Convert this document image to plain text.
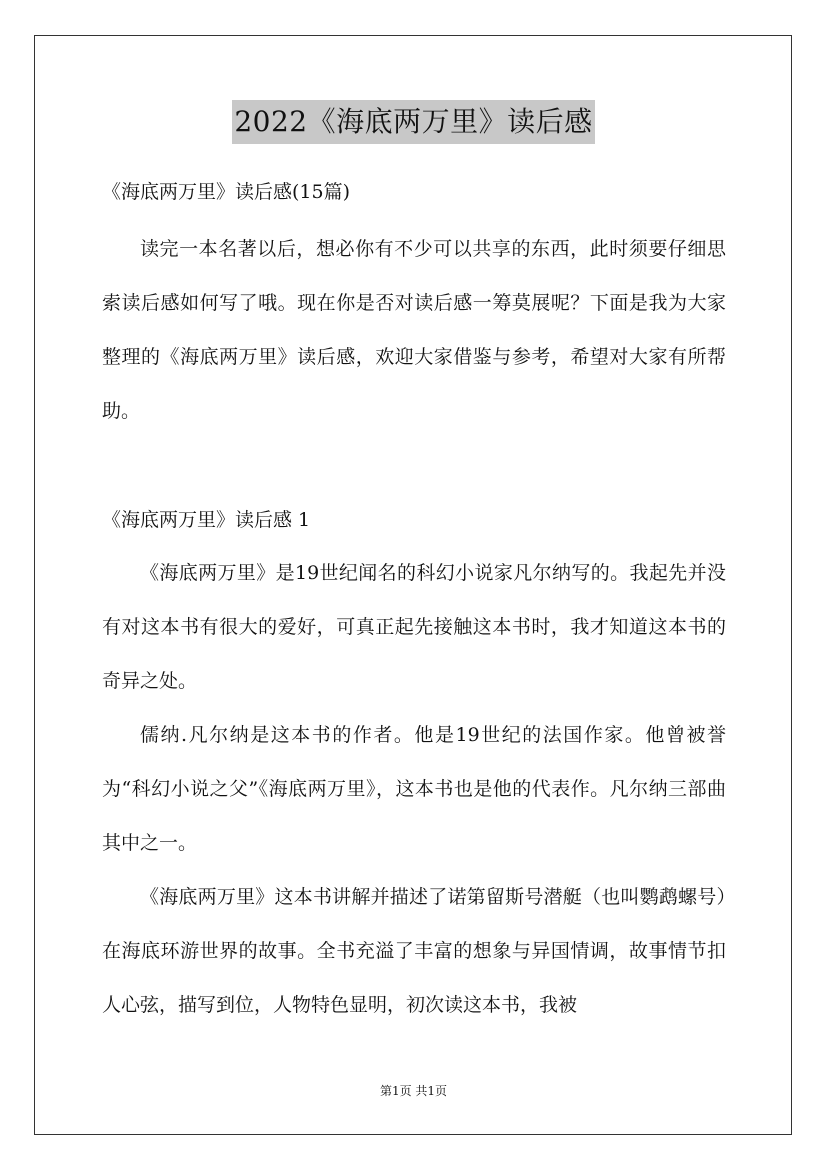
2022《海底两万里》读后感

《海底两万里》读后感(15篇)

读完一本名著以后，想必你有不少可以共享的东西，此时须要仔细思索读后感如何写了哦。现在你是否对读后感一筹莫展呢？下面是我为大家整理的《海底两万里》读后感，欢迎大家借鉴与参考，希望对大家有所帮助。

《海底两万里》读后感 1

《海底两万里》是19世纪闻名的科幻小说家凡尔纳写的。我起先并没有对这本书有很大的爱好，可真正起先接触这本书时，我才知道这本书的奇异之处。

儒纳.凡尔纳是这本书的作者。他是19世纪的法国作家。他曾被誉为“科幻小说之父”《海底两万里》，这本书也是他的代表作。凡尔纳三部曲其中之一。

《海底两万里》这本书讲解并描述了诺第留斯号潜艇（也叫鹦鹉螺号）在海底环游世界的故事。全书充溢了丰富的想象与异国情调，故事情节扣人心弦，描写到位，人物特色显明，初次读这本书，我被

第1页 共1页
